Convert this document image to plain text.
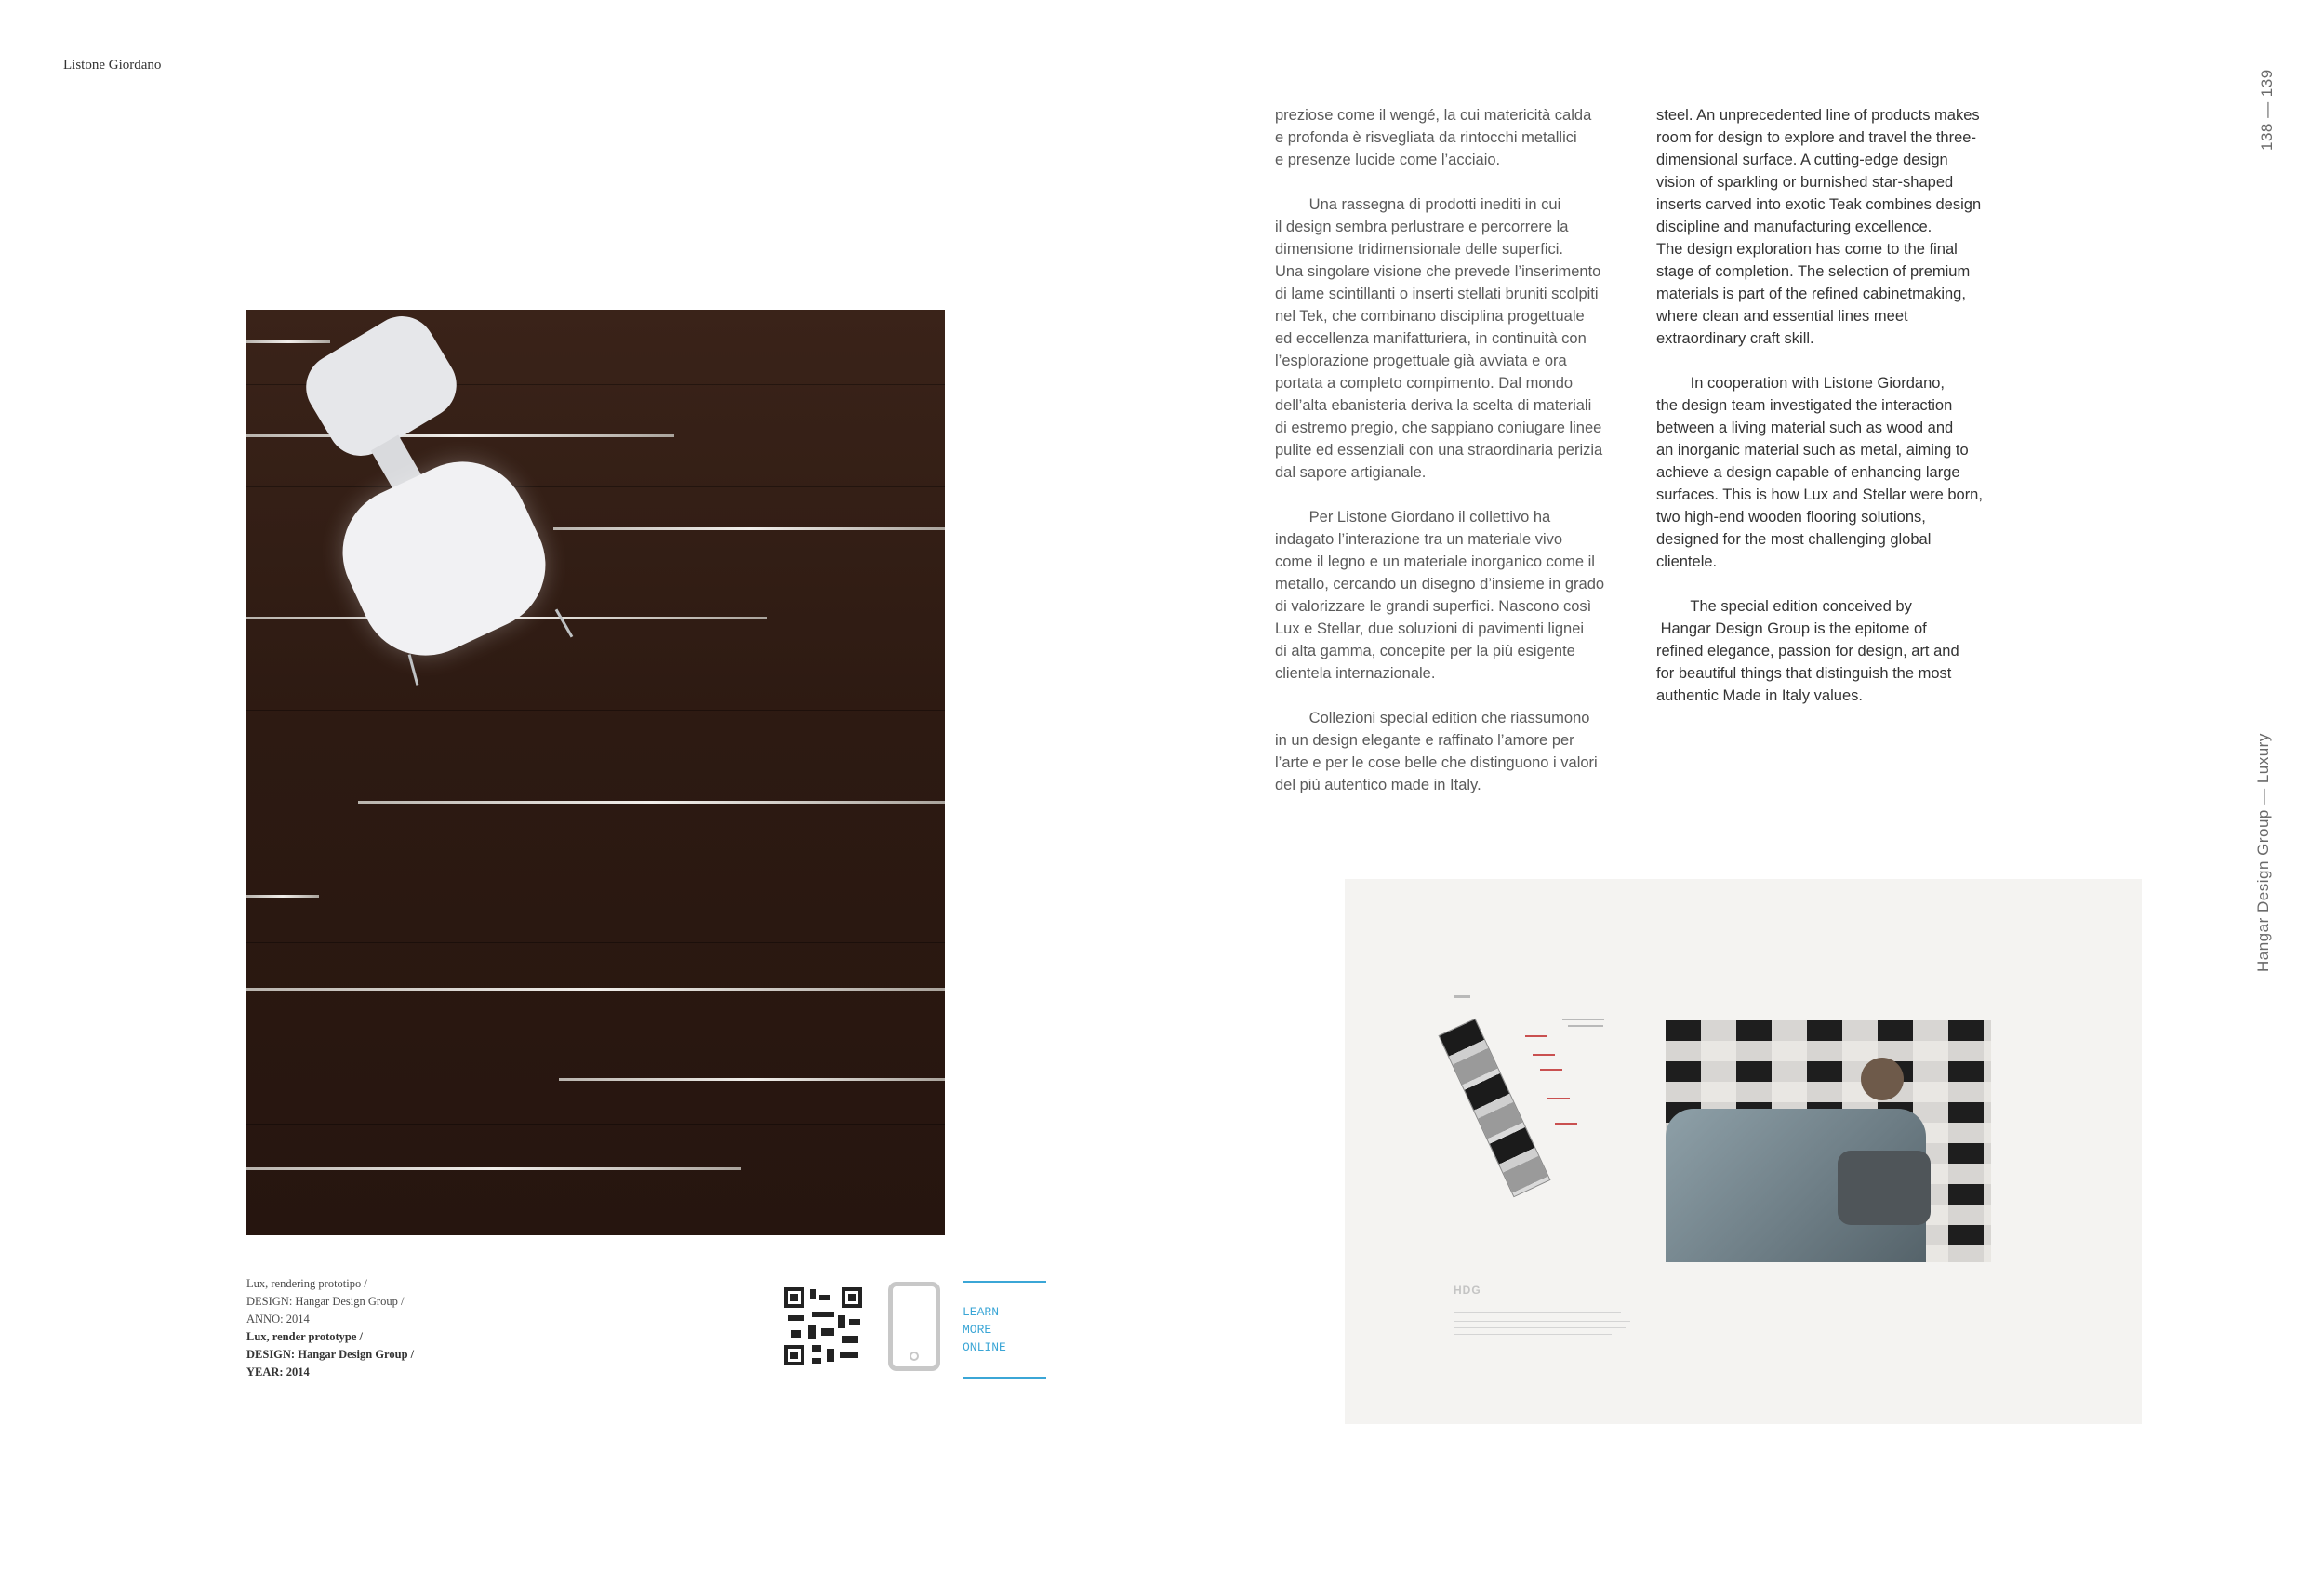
Listone Giordano
138 — 139
Hangar Design Group — Luxury
Lux, rendering prototipo /
DESIGN: Hangar Design Group /
ANNO: 2014
Lux, render prototype /
DESIGN: Hangar Design Group /
YEAR: 2014
LEARN
MORE
ONLINE

preziose come il wengé, la cui matericità calda
e profonda è risvegliata da rintocchi metallici
e presenze lucide come l’acciaio.

Una rassegna di prodotti inediti in cui
il design sembra perlustrare e percorrere la
dimensione tridimensionale delle superfici.
Una singolare visione che prevede l’inserimento
di lame scintillanti o inserti stellati bruniti scolpiti
nel Tek, che combinano disciplina progettuale
ed eccellenza manifatturiera, in continuità con
l’esplorazione progettuale già avviata e ora
portata a completo compimento. Dal mondo
dell’alta ebanisteria deriva la scelta di materiali
di estremo pregio, che sappiano coniugare linee
pulite ed essenziali con una straordinaria perizia
dal sapore artigianale.

Per Listone Giordano il collettivo ha
indagato l’interazione tra un materiale vivo
come il legno e un materiale inorganico come il
metallo, cercando un disegno d’insieme in grado
di valorizzare le grandi superfici. Nascono così
Lux e Stellar, due soluzioni di pavimenti lignei
di alta gamma, concepite per la più esigente
clientela internazionale.

Collezioni special edition che riassumono
in un design elegante e raffinato l’amore per
l’arte e per le cose belle che distinguono i valori
del più autentico made in Italy.

steel. An unprecedented line of products makes
room for design to explore and travel the three-
dimensional surface. A cutting-edge design
vision of sparkling or burnished star-shaped
inserts carved into exotic Teak combines design
discipline and manufacturing excellence.
The design exploration has come to the final
stage of completion. The selection of premium
materials is part of the refined cabinetmaking,
where clean and essential lines meet
extraordinary craft skill.

In cooperation with Listone Giordano,
the design team investigated the interaction
between a living material such as wood and
an inorganic material such as metal, aiming to
achieve a design capable of enhancing large
surfaces. This is how Lux and Stellar were born,
two high-end wooden flooring solutions,
designed for the most challenging global
clientele.

The special edition conceived by
Hangar Design Group is the epitome of
refined elegance, passion for design, art and
for beautiful things that distinguish the most
authentic Made in Italy values.

HDG
